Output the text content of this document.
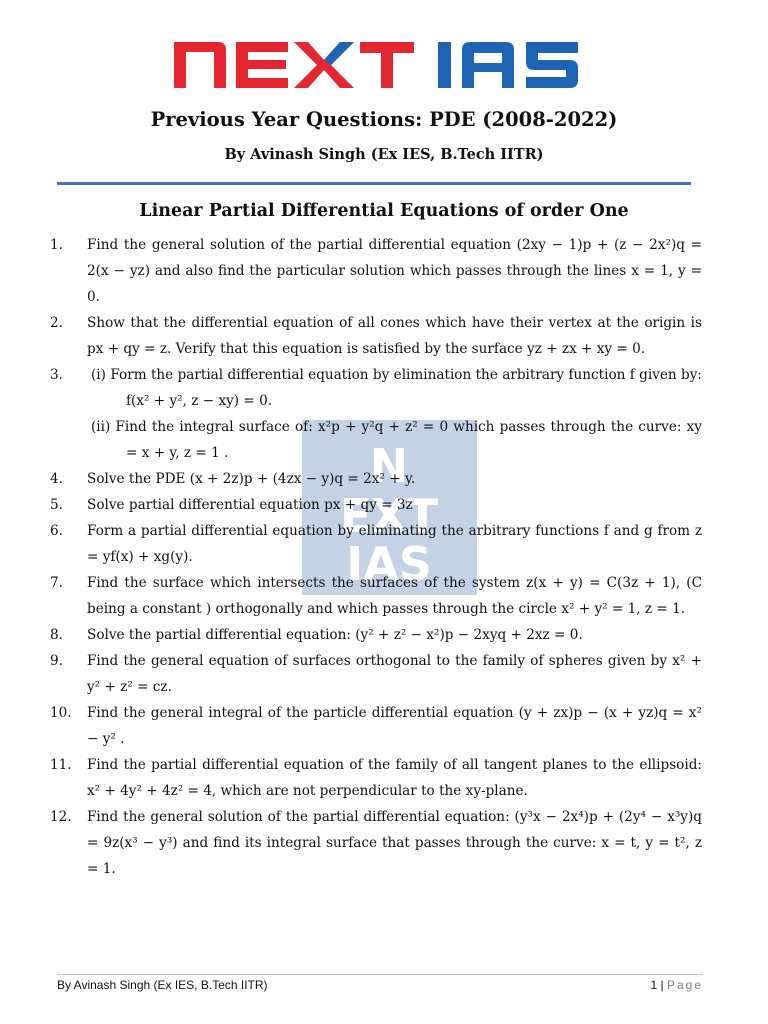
Previous Year Questions: PDE (2008-2022)
By Avinash Singh (Ex IES, B.Tech IITR)
Linear Partial Differential Equations of order One
N
EXT
IAS
1.	Find the general solution of the partial differential equation (2xy − 1)p + (z − 2x²)q = 2(x − yz) and also find the particular solution which passes through the lines x = 1, y = 0.
2.	Show that the differential equation of all cones which have their vertex at the origin is px + qy = z. Verify that this equation is satisfied by the surface yz + zx + xy = 0.
3.	(i) Form the partial differential equation by elimination the arbitrary function f given by: f(x² + y², z − xy) = 0.
(ii) Find the integral surface of: x²p + y²q + z² = 0 which passes through the curve: xy = x + y, z = 1 .
4.	Solve the PDE (x + 2z)p + (4zx − y)q = 2x² + y.
5.	Solve partial differential equation px + qy = 3z
6.	Form a partial differential equation by eliminating the arbitrary functions f and g from z = yf(x) + xg(y).
7.	Find the surface which intersects the surfaces of the system z(x + y) = C(3z + 1), (C being a constant ) orthogonally and which passes through the circle x² + y² = 1, z = 1.
8.	Solve the partial differential equation: (y² + z² − x²)p − 2xyq + 2xz = 0.
9.	Find the general equation of surfaces orthogonal to the family of spheres given by x² + y² + z² = cz.
10.	Find the general integral of the particle differential equation (y + zx)p − (x + yz)q = x² − y² .
11.	Find the partial differential equation of the family of all tangent planes to the ellipsoid: x² + 4y² + 4z² = 4, which are not perpendicular to the xy-plane.
12.	Find the general solution of the partial differential equation: (y³x − 2x⁴)p + (2y⁴ − x³y)q = 9z(x³ − y³) and find its integral surface that passes through the curve: x = t, y = t², z = 1.
By Avinash Singh (Ex IES, B.Tech IITR)	1 | Page
